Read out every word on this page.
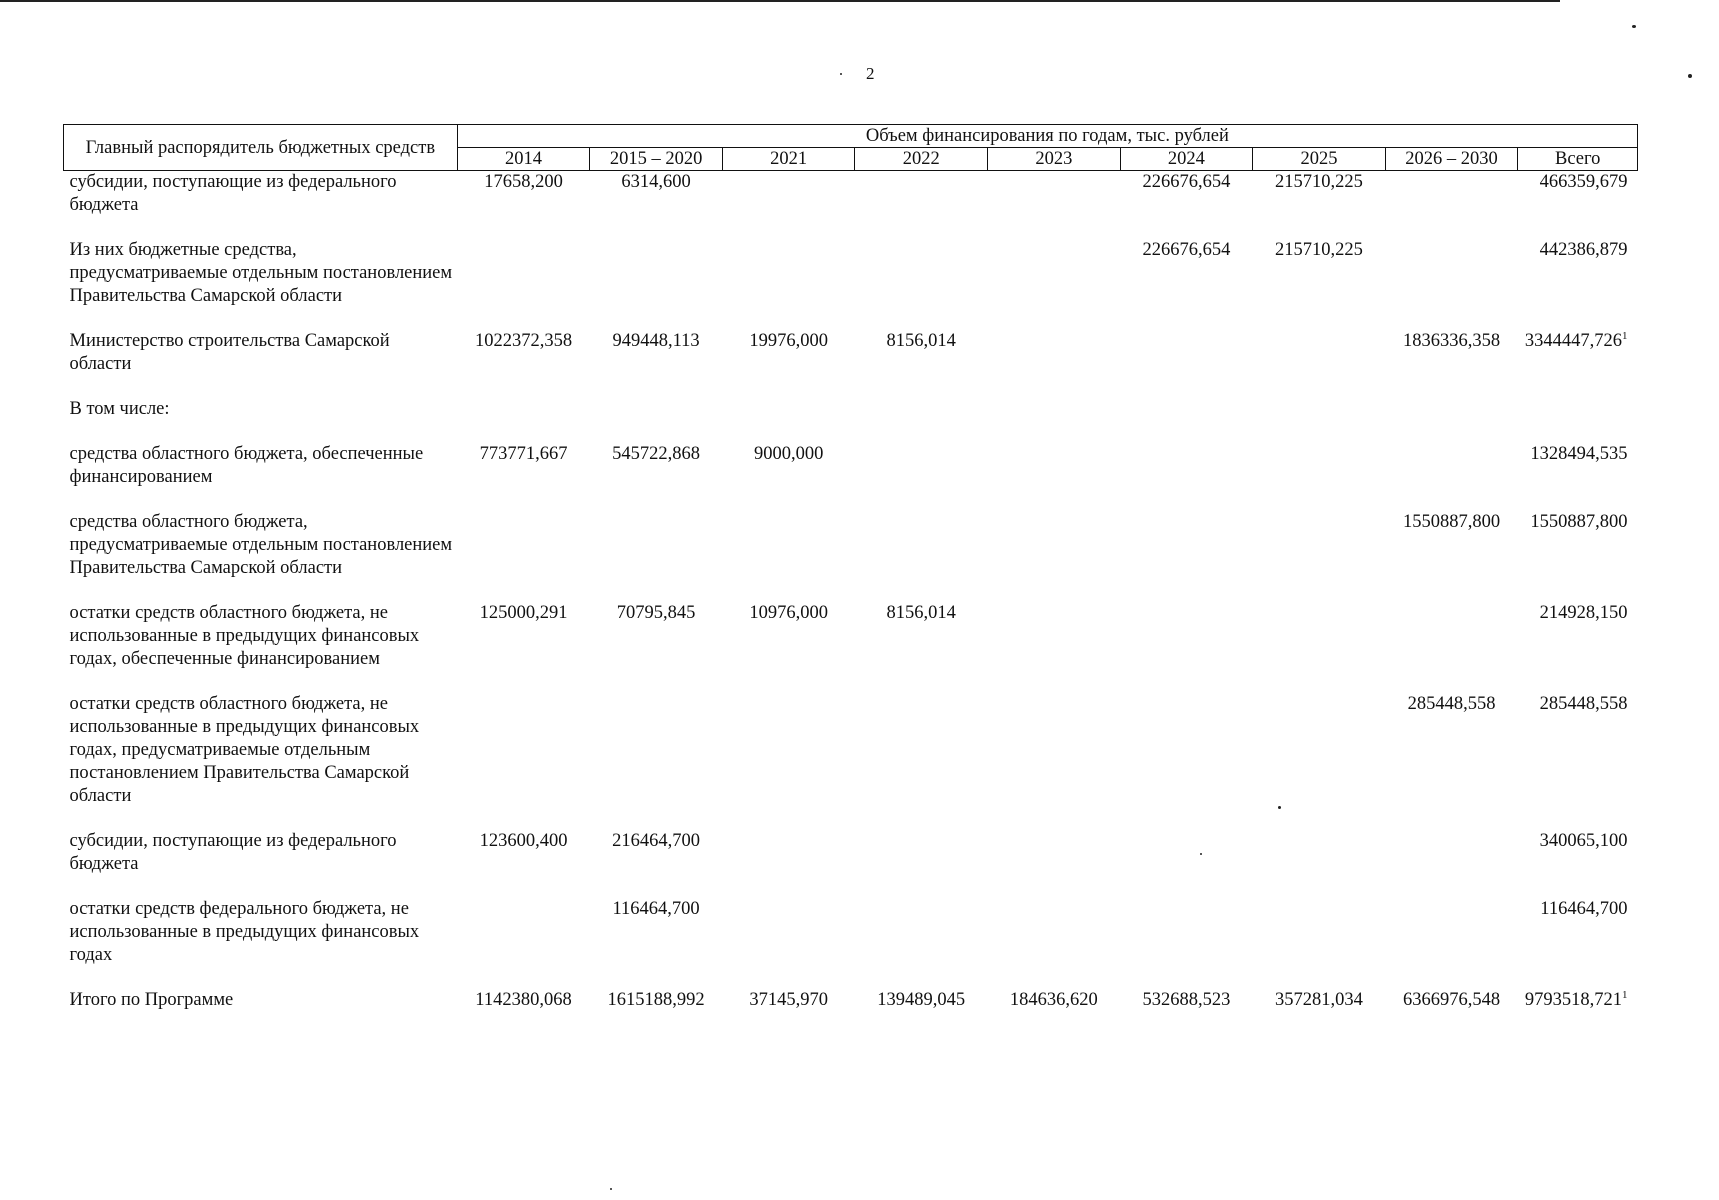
2
Главный распорядитель бюджетных средств	Объем финансирования по годам, тыс. рублей								
	2014	2015 – 2020	2021	2022	2023	2024	2025	2026 – 2030	Всего
субсидии, поступающие из федерального бюджета	17658,200	6314,600				226676,654	215710,225		466359,679
Из них бюджетные средства, предусматриваемые отдельным постановлением Правительства Самарской области						226676,654	215710,225		442386,879
Министерство строительства Самарской области	1022372,358	949448,113	19976,000	8156,014				1836336,358	3344447,726$^1$
В том числе:									
средства областного бюджета, обеспеченные финансированием	773771,667	545722,868	9000,000						1328494,535
средства областного бюджета, предусматриваемые отдельным постановлением Правительства Самарской области								1550887,800	1550887,800
остатки средств областного бюджета, не использованные в предыдущих финансовых годах, обеспеченные финансированием	125000,291	70795,845	10976,000	8156,014					214928,150
остатки средств областного бюджета, не использованные в предыдущих финансовых годах, предусматриваемые отдельным постановлением Правительства Самарской области								285448,558	285448,558
субсидии, поступающие из федерального бюджета	123600,400	216464,700							340065,100
остатки средств федерального бюджета, не использованные в предыдущих финансовых годах		116464,700							116464,700
Итого по Программе	1142380,068	1615188,992	37145,970	139489,045	184636,620	532688,523	357281,034	6366976,548	9793518,721$^1$
